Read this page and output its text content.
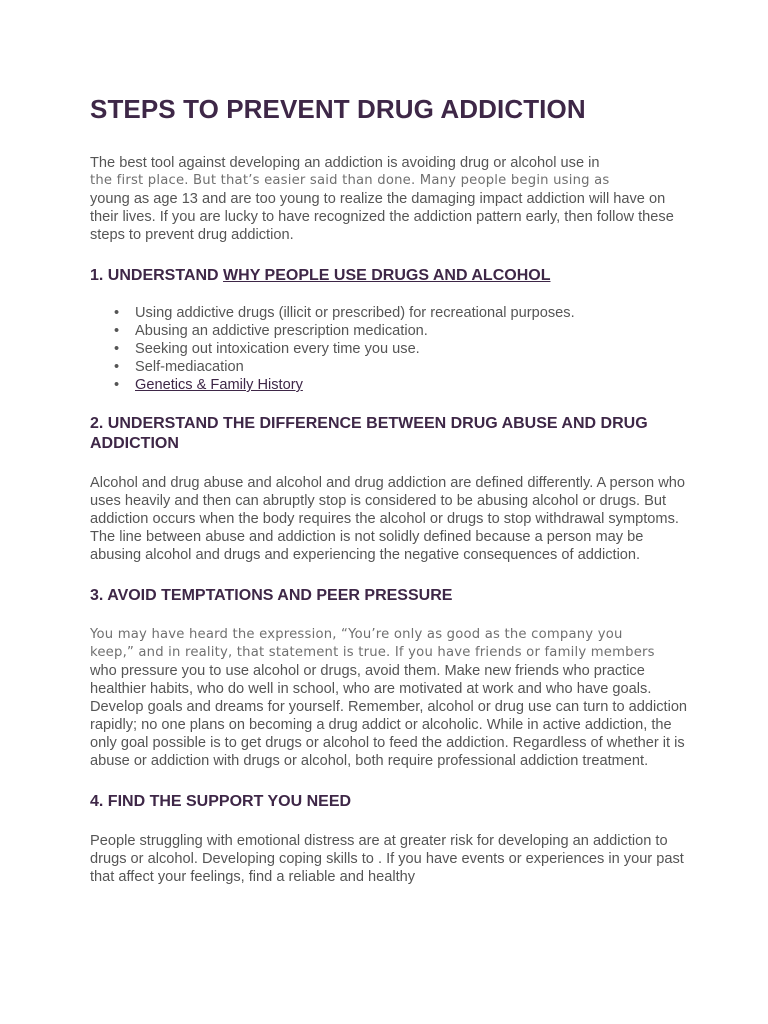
STEPS TO PREVENT DRUG ADDICTION

The best tool against developing an addiction is avoiding drug or alcohol use in

the first place. But that’s easier said than done. Many people begin using as

young as age 13 and are too young to realize the damaging impact addiction will have on their lives. If you are lucky to have recognized the addiction pattern early, then follow these steps to prevent drug addiction.

1. UNDERSTAND WHY PEOPLE USE DRUGS AND ALCOHOL
• Using addictive drugs (illicit or prescribed) for recreational purposes.
• Abusing an addictive prescription medication.
• Seeking out intoxication every time you use.
• Self-mediacation
• Genetics & Family History
2. UNDERSTAND THE DIFFERENCE BETWEEN DRUG ABUSE AND DRUG ADDICTION

Alcohol and drug abuse and alcohol and drug addiction are defined differently. A person who uses heavily and then can abruptly stop is considered to be abusing alcohol or drugs. But addiction occurs when the body requires the alcohol or drugs to stop withdrawal symptoms. The line between abuse and addiction is not solidly defined because a person may be abusing alcohol and drugs and experiencing the negative consequences of addiction.

3. AVOID TEMPTATIONS AND PEER PRESSURE

You may have heard the expression, “You’re only as good as the company you

keep,” and in reality, that statement is true. If you have friends or family members

who pressure you to use alcohol or drugs, avoid them. Make new friends who practice healthier habits, who do well in school, who are motivated at work and who have goals.

Develop goals and dreams for yourself. Remember, alcohol or drug use can turn to addiction rapidly; no one plans on becoming a drug addict or alcoholic. While in active addiction, the only goal possible is to get drugs or alcohol to feed the addiction. Regardless of whether it is abuse or addiction with drugs or alcohol, both require professional addiction treatment.

4. FIND THE SUPPORT YOU NEED

People struggling with emotional distress are at greater risk for developing an addiction to drugs or alcohol. Developing coping skills to . If you have events or experiences in your past that affect your feelings, find a reliable and healthy
